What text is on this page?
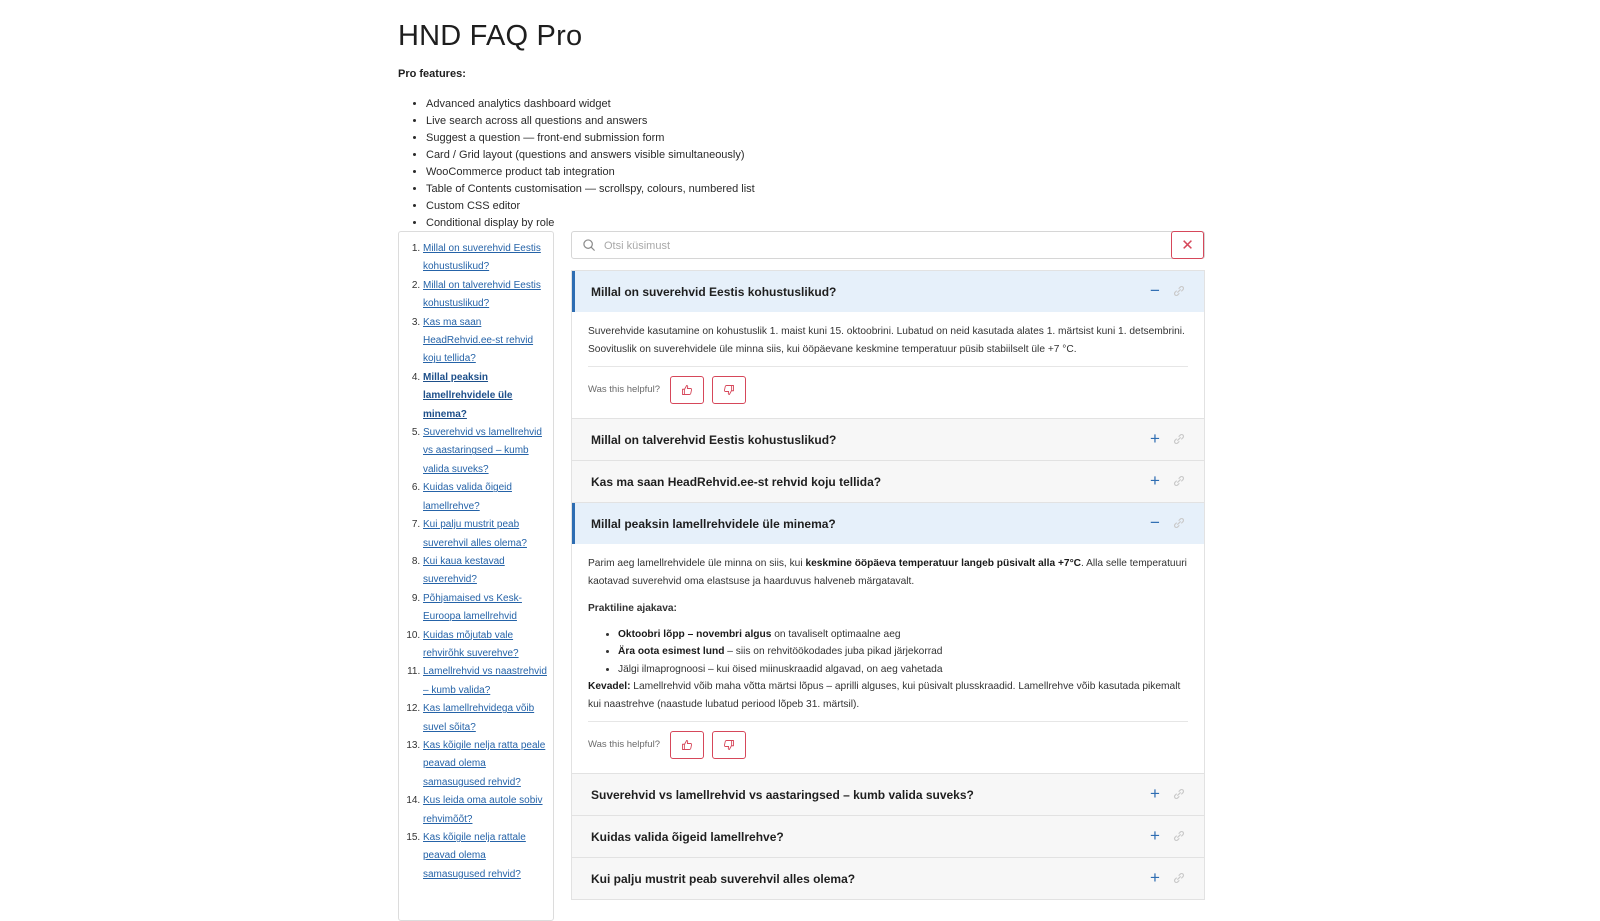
HND FAQ Pro

Pro features:

• Advanced analytics dashboard widget
• Live search across all questions and answers
• Suggest a question — front-end submission form
• Card / Grid layout (questions and answers visible simultaneously)
• WooCommerce product tab integration
• Table of Contents customisation — scrollspy, colours, numbered list
• Custom CSS editor
• Conditional display by role
1. Millal on suverehvid Eestis kohustuslikud?
2. Millal on talverehvid Eestis kohustuslikud?
3. Kas ma saan HeadRehvid.ee-st rehvid koju tellida?
4. Millal peaksin lamellrehvidele üle minema?
5. Suverehvid vs lamellrehvid vs aastaringsed – kumb valida suveks?
6. Kuidas valida õigeid lamellrehve?
7. Kui palju mustrit peab suverehvil alles olema?
8. Kui kaua kestavad suverehvid?
9. Põhjamaised vs Kesk-Euroopa lamellrehvid
10. Kuidas mõjutab vale rehvirõhk suverehve?
11. Lamellrehvid vs naastrehvid – kumb valida?
12. Kas lamellrehvidega võib suvel sõita?
13. Kas kõigile nelja ratta peale peavad olema samasugused rehvid?
14. Kus leida oma autole sobiv rehvimõõt?
15. Kas kõigile nelja rattale peavad olema samasugused rehvid?
Otsi küsimust
✕
Millal on suverehvid Eestis kohustuslikud?	−

Suverehvide kasutamine on kohustuslik 1. maist kuni 15. oktoobrini. Lubatud on neid kasutada alates 1. märtsist kuni 1. detsembrini. Soovituslik on suverehvidele üle minna siis, kui ööpäevane keskmine temperatuur püsib stabiilselt üle +7 °C.

Was this helpful?
Millal on talverehvid Eestis kohustuslikud?	+
Kas ma saan HeadRehvid.ee-st rehvid koju tellida?	+
Millal peaksin lamellrehvidele üle minema?	−

Parim aeg lamellrehvidele üle minna on siis, kui keskmine ööpäeva temperatuur langeb püsivalt alla +7°C. Alla selle temperatuuri kaotavad suverehvid oma elastsuse ja haarduvus halveneb märgatavalt.

Praktiline ajakava:

• Oktoobri lõpp – novembri algus on tavaliselt optimaalne aeg
• Ära oota esimest lund – siis on rehvitöökodades juba pikad järjekorrad
• Jälgi ilmaprognoosi – kui öised miinuskraadid algavad, on aeg vahetada

Kevadel: Lamellrehvid võib maha võtta märtsi lõpus – aprilli alguses, kui püsivalt plusskraadid. Lamellrehve võib kasutada pikemalt kui naastrehve (naastude lubatud periood lõpeb 31. märtsil).

Was this helpful?
Suverehvid vs lamellrehvid vs aastaringsed – kumb valida suveks?	+
Kuidas valida õigeid lamellrehve?	+
Kui palju mustrit peab suverehvil alles olema?	+
